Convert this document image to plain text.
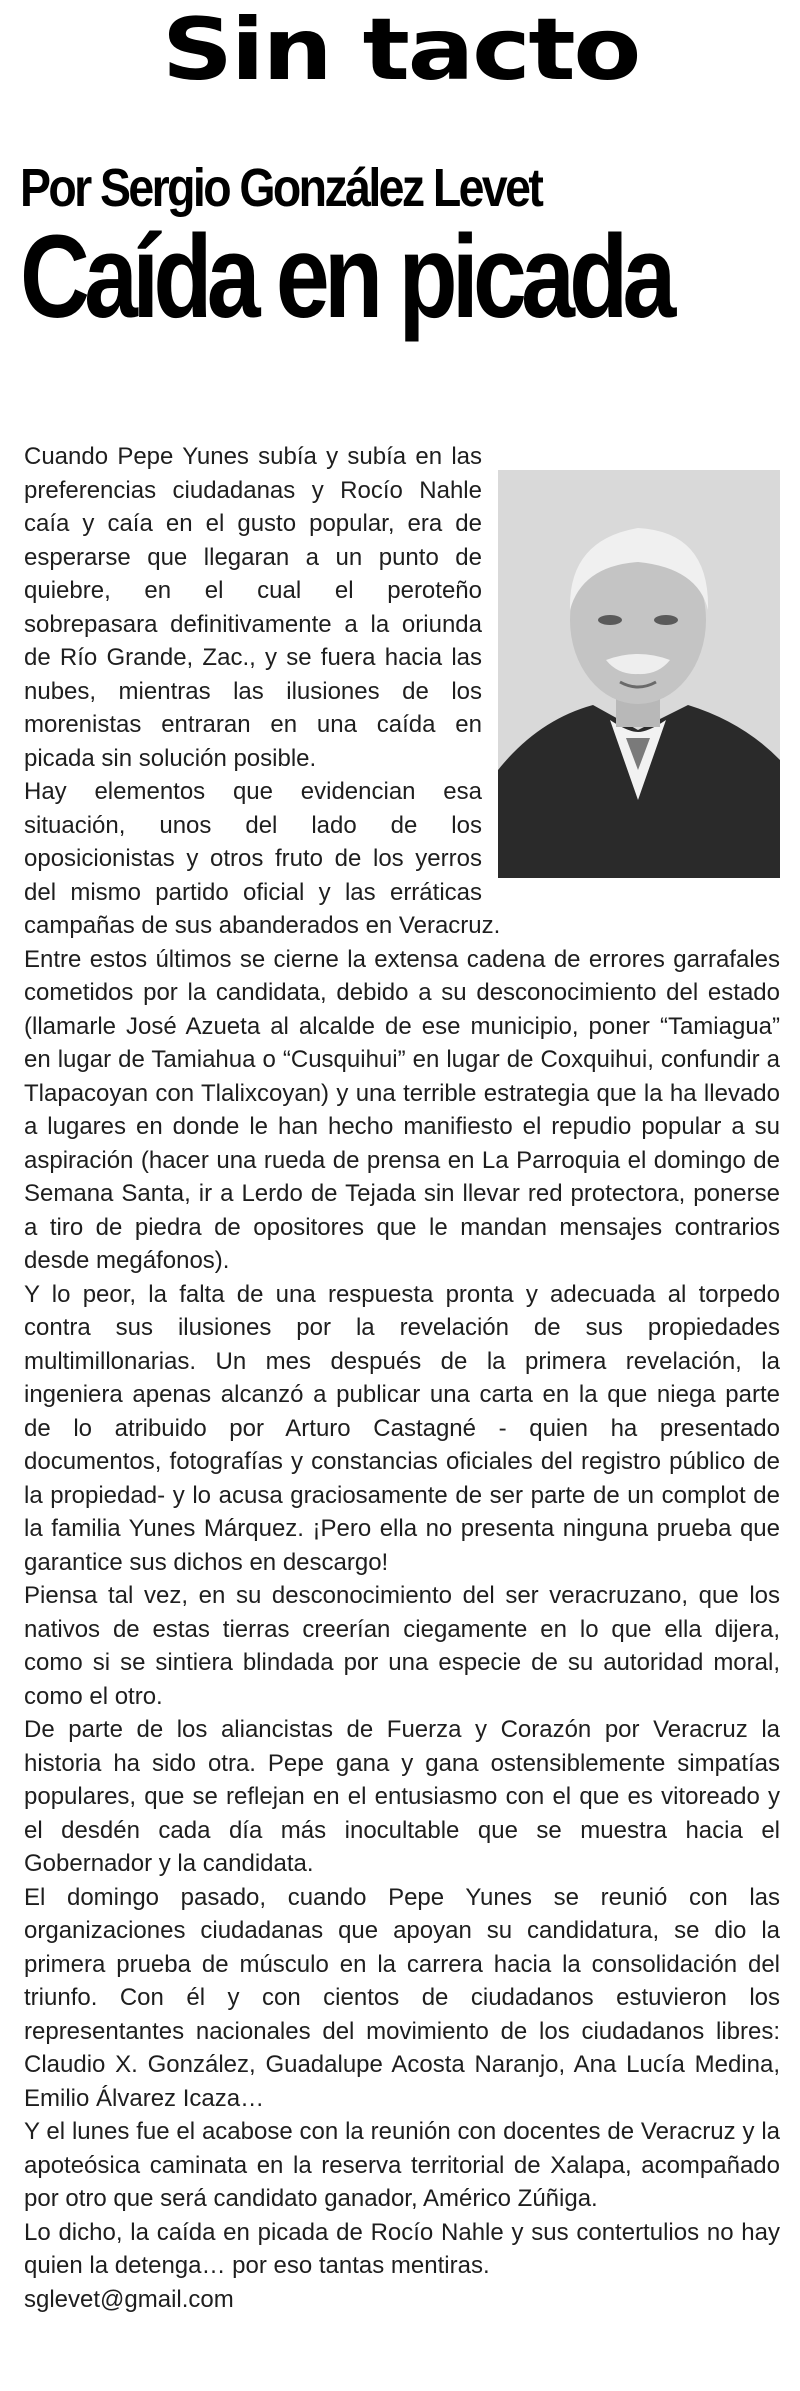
Sin tacto
Por Sergio González Levet
Caída en picada

Cuando Pepe Yunes subía y subía en las preferencias ciudadanas y Rocío Nahle caía y caía en el gusto popular, era de esperarse que llegaran a un punto de quiebre, en el cual el peroteño sobrepasara definitivamente a la oriunda de Río Grande, Zac., y se fuera hacia las nubes, mientras las ilusiones de los morenistas entraran en una caída en picada sin solución posible.

Hay elementos que evidencian esa situación, unos del lado de los oposicionistas y otros fruto de los yerros del mismo partido oficial y las erráticas campañas de sus abanderados en Veracruz.

Entre estos últimos se cierne la extensa cadena de errores garrafales cometidos por la candidata, debido a su desconocimiento del estado (llamarle José Azueta al alcalde de ese municipio, poner “Tamiagua” en lugar de Tamiahua o “Cusquihui” en lugar de Coxquihui, confundir a Tlapacoyan con Tlalixcoyan) y una terrible estrategia que la ha llevado a lugares en donde le han hecho manifiesto el repudio popular a su aspiración (hacer una rueda de prensa en La Parroquia el domingo de Semana Santa, ir a Lerdo de Tejada sin llevar red protectora, ponerse a tiro de piedra de opositores que le mandan mensajes contrarios desde megáfonos).

Y lo peor, la falta de una respuesta pronta y adecuada al torpedo contra sus ilusiones por la revelación de sus propiedades multimillonarias. Un mes después de la primera revelación, la ingeniera apenas alcanzó a publicar una carta en la que niega parte de lo atribuido por Arturo Castagné - quien ha presentado documentos, fotografías y constancias oficiales del registro público de la propiedad- y lo acusa graciosamente de ser parte de un complot de la familia Yunes Márquez. ¡Pero ella no presenta ninguna prueba que garantice sus dichos en descargo!

Piensa tal vez, en su desconocimiento del ser veracruzano, que los nativos de estas tierras creerían ciegamente en lo que ella dijera, como si se sintiera blindada por una especie de su autoridad moral, como el otro.

De parte de los aliancistas de Fuerza y Corazón por Veracruz la historia ha sido otra. Pepe gana y gana ostensiblemente simpatías populares, que se reflejan en el entusiasmo con el que es vitoreado y el desdén cada día más inocultable que se muestra hacia el Gobernador y la candidata.

El domingo pasado, cuando Pepe Yunes se reunió con las organizaciones ciudadanas que apoyan su candidatura, se dio la primera prueba de músculo en la carrera hacia la consolidación del triunfo. Con él y con cientos de ciudadanos estuvieron los representantes nacionales del movimiento de los ciudadanos libres: Claudio X. González, Guadalupe Acosta Naranjo, Ana Lucía Medina, Emilio Álvarez Icaza…

Y el lunes fue el acabose con la reunión con docentes de Veracruz y la apoteósica caminata en la reserva territorial de Xalapa, acompañado por otro que será candidato ganador, Américo Zúñiga.

Lo dicho, la caída en picada de Rocío Nahle y sus contertulios no hay quien la detenga… por eso tantas mentiras.

sglevet@gmail.com
